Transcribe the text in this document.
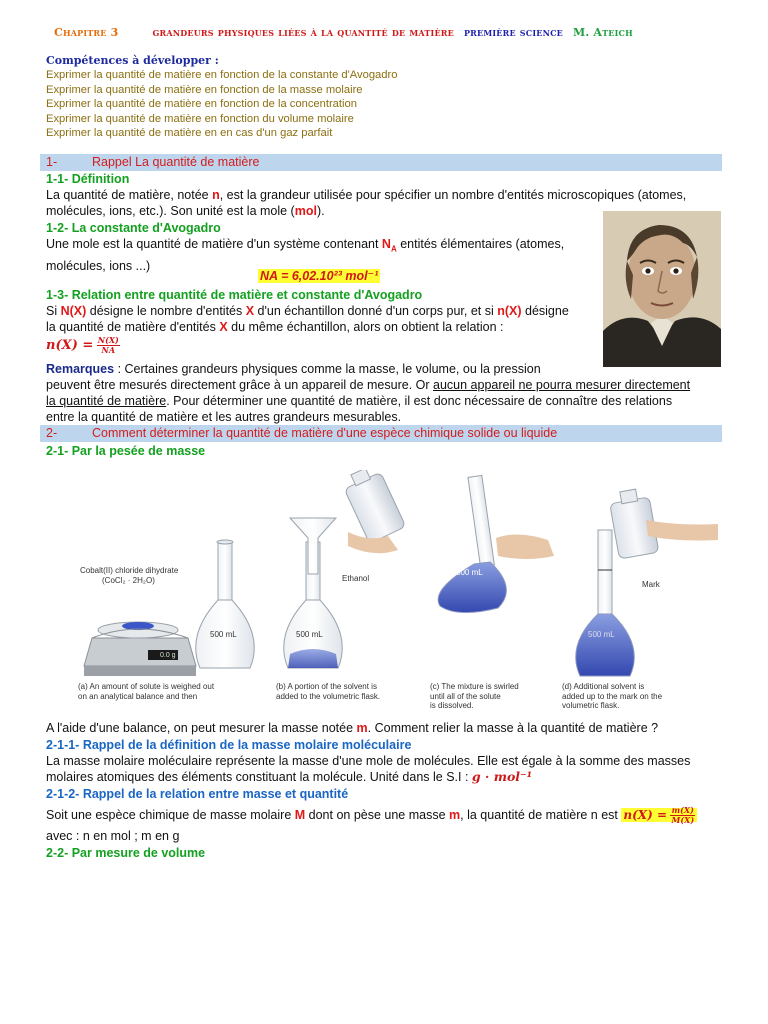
Chapitre 3	grandeurs physiques liées à la quantité de matière première science M. Ateich
Compétences à développer :
Exprimer la quantité de matière en fonction de la constante d'Avogadro
Exprimer la quantité de matière en fonction de la masse molaire
Exprimer la quantité de matière en fonction de la concentration
Exprimer la quantité de matière en fonction du volume molaire
Exprimer la quantité de matière en en cas d'un gaz parfait
1-	Rappel La quantité de matière
1-1- Définition
La quantité de matière, notée n, est la grandeur utilisée pour spécifier un nombre d'entités microscopiques (atomes,
molécules, ions, etc.). Son unité est la mole (mol).
1-2- La constante d'Avogadro
Une mole est la quantité de matière d'un système contenant $N_A$ entités élémentaires (atomes,
molécules, ions ...)
NA = 6,02.10²³ mol⁻¹
1-3- Relation entre quantité de matière et constante d'Avogadro
Si N(X) désigne le nombre d'entités X d'un échantillon donné d'un corps pur, et si n(X) désigne
la quantité de matière d'entités X du même échantillon, alors on obtient la relation :
$n(X) = \frac{N(X)}{NA}$
Remarques : Certaines grandeurs physiques comme la masse, le volume, ou la pression
peuvent être mesurés directement grâce à un appareil de mesure. Or aucun appareil ne pourra mesurer directement
la quantité de matière. Pour déterminer une quantité de matière, il est donc nécessaire de connaître des relations
entre la quantité de matière et les autres grandeurs mesurables.
2-	Comment déterminer la quantité de matière d'une espèce chimique solide ou liquide
2-1- Par la pesée de masse
Cobalt(II) chloride dihydrate
(CoCl₂ · 2H₂O)
0.0 g
500 mL	500 mL
500 mL
500 mL
Ethanol
Mark
(a) An amount of solute is weighed out
on an analytical balance and then
(b) A portion of the solvent is
added to the volumetric flask.
(c) The mixture is swirled
until all of the solute
is dissolved.
(d) Additional solvent is
added up to the mark on the
volumetric flask.
A l'aide d'une balance, on peut mesurer la masse notée m. Comment relier la masse à la quantité de matière ?
2-1-1- Rappel de la définition de la masse molaire moléculaire
La masse molaire moléculaire représente la masse d'une mole de molécules. Elle est égale à la somme des masses
molaires atomiques des éléments constituant la molécule. Unité dans le S.I : g · mol⁻¹
2-1-2- Rappel de la relation entre masse et quantité
Soit une espèce chimique de masse molaire M dont on pèse une masse m, la quantité de matière n est $n(X) = \frac{m(X)}{M(X)}$
avec : n en mol ; m en g
2-2- Par mesure de volume
